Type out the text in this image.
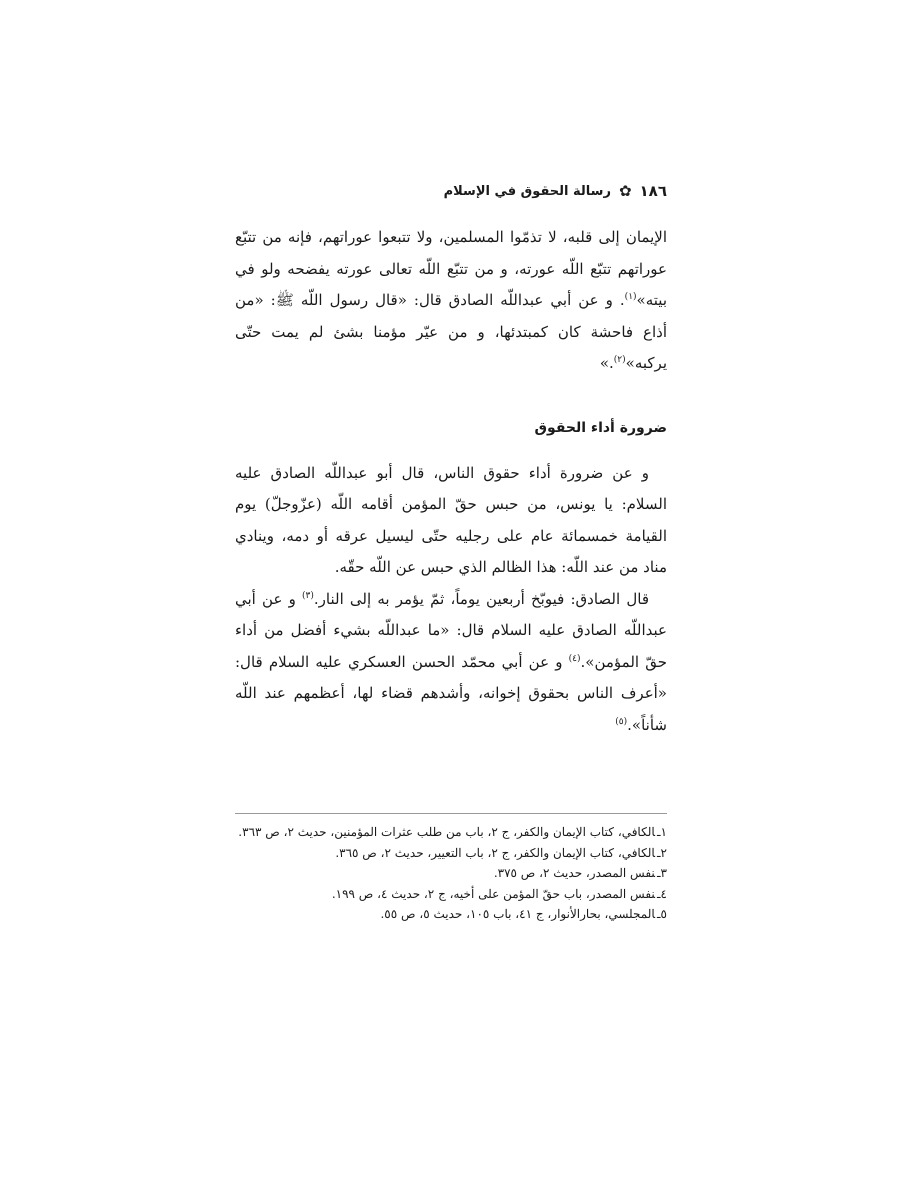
١٨٦
✿
رسالة الحقوق في الإسلام

الإيمان إلى قلبه، لا تذمّوا المسلمين، ولا تتبعوا عوراتهم، فإنه من تتبّع عوراتهم تتبّع اللّه عورته، و من تتبّع اللّه تعالى عورته يفضحه ولو في بيته»$^{(١)}$. و عن أبي عبداللّه الصادق قال: «قال رسول اللّه ﷺ: «من أذاع فاحشة كان كمبتدئها، و من عيّر مؤمنا بشئ لم يمت حتّى يركبه»$^{(٢)}$.»

ضرورة أداء الحقوق

و عن ضرورة أداء حقوق الناس، قال أبو عبداللّه الصادق عليه السلام: يا يونس، من حبس حقّ المؤمن أقامه اللّه (عزّوجلّ) يوم القيامة خمسمائة عام على رجليه حتّى ليسيل عرقه أو دمه، وينادي مناد من عند اللّه: هذا الظالم الذي حبس عن اللّه حقّه.

قال الصادق: فيوبّخ أربعين يوماً، ثمّ يؤمر به إلى النار.$^{(٣)}$ و عن أبي عبداللّه الصادق عليه السلام قال: «ما عبداللّه بشيء أفضل من أداء حقّ المؤمن».$^{(٤)}$ و عن أبي محمّد الحسن العسكري عليه السلام قال: «أعرف الناس بحقوق إخوانه، وأشدهم قضاء لها، أعظمهم عند اللّه شأناً».$^{(٥)}$

١ـالكافي، كتاب الإيمان والكفر، ج ٢، باب من طلب عثرات المؤمنين، حديث ٢، ص ٣٦٣.
٢ـالكافي، كتاب الإيمان والكفر، ج ٢، باب التعيير، حديث ٢، ص ٣٦٥.
٣ـنفس المصدر، حديث ٢، ص ٣٧٥.
٤ـنفس المصدر، باب حقّ المؤمن على أخيه، ج ٢، حديث ٤، ص ١٩٩.
٥ـالمجلسي، بحارالأنوار، ج ٤١، باب ١٠٥، حديث ٥، ص ٥٥.
